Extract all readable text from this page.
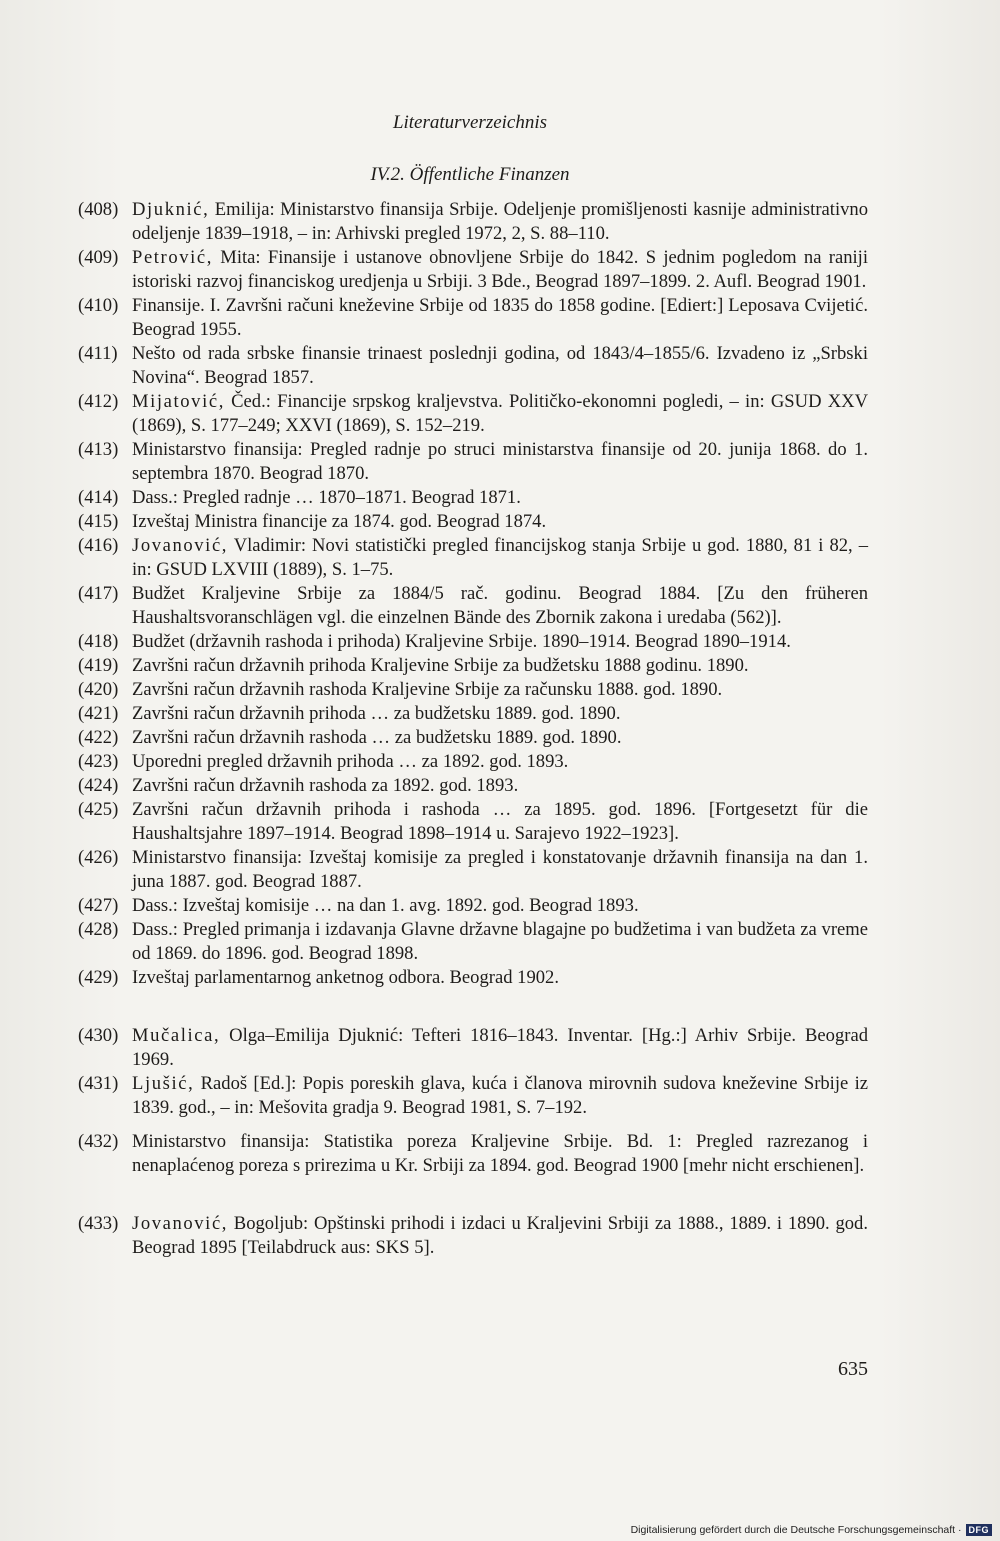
Literaturverzeichnis
IV.2. Öffentliche Finanzen
(408) Djuknić, Emilija: Ministarstvo finansija Srbije. Odeljenje promišljenosti kasnije administrativno odeljenje 1839–1918, – in: Arhivski pregled 1972, 2, S. 88–110.
(409) Petrović, Mita: Finansije i ustanove obnovljene Srbije do 1842. S jednim pogledom na raniji istoriski razvoj financiskog uredjenja u Srbiji. 3 Bde., Beograd 1897–1899. 2. Aufl. Beograd 1901.
(410) Finansije. I. Završni računi kneževine Srbije od 1835 do 1858 godine. [Ediert:] Leposava Cvijetić. Beograd 1955.
(411) Nešto od rada srbske finansie trinaest poslednji godina, od 1843/4–1855/6. Izvadeno iz „Srbski Novina“. Beograd 1857.
(412) Mijatović, Čed.: Financije srpskog kraljevstva. Političko-ekonomni pogledi, – in: GSUD XXV (1869), S. 177–249; XXVI (1869), S. 152–219.
(413) Ministarstvo finansija: Pregled radnje po struci ministarstva finansije od 20. junija 1868. do 1. septembra 1870. Beograd 1870.
(414) Dass.: Pregled radnje … 1870–1871. Beograd 1871.
(415) Izveštaj Ministra financije za 1874. god. Beograd 1874.
(416) Jovanović, Vladimir: Novi statistički pregled financijskog stanja Srbije u god. 1880, 81 i 82, – in: GSUD LXVIII (1889), S. 1–75.
(417) Budžet Kraljevine Srbije za 1884/5 rač. godinu. Beograd 1884. [Zu den früheren Haushaltsvoranschlägen vgl. die einzelnen Bände des Zbornik zakona i uredaba (562)].
(418) Budžet (državnih rashoda i prihoda) Kraljevine Srbije. 1890–1914. Beograd 1890–1914.
(419) Završni račun državnih prihoda Kraljevine Srbije za budžetsku 1888 godinu. 1890.
(420) Završni račun državnih rashoda Kraljevine Srbije za računsku 1888. god. 1890.
(421) Završni račun državnih prihoda … za budžetsku 1889. god. 1890.
(422) Završni račun državnih rashoda … za budžetsku 1889. god. 1890.
(423) Uporedni pregled državnih prihoda … za 1892. god. 1893.
(424) Završni račun državnih rashoda za 1892. god. 1893.
(425) Završni račun državnih prihoda i rashoda … za 1895. god. 1896. [Fortgesetzt für die Haushaltsjahre 1897–1914. Beograd 1898–1914 u. Sarajevo 1922–1923].
(426) Ministarstvo finansija: Izveštaj komisije za pregled i konstatovanje državnih finansija na dan 1. juna 1887. god. Beograd 1887.
(427) Dass.: Izveštaj komisije … na dan 1. avg. 1892. god. Beograd 1893.
(428) Dass.: Pregled primanja i izdavanja Glavne državne blagajne po budžetima i van budžeta za vreme od 1869. do 1896. god. Beograd 1898.
(429) Izveštaj parlamentarnog anketnog odbora. Beograd 1902.
(430) Mučalica, Olga–Emilija Djuknić: Tefteri 1816–1843. Inventar. [Hg.:] Arhiv Srbije. Beograd 1969.
(431) Ljušić, Radoš [Ed.]: Popis poreskih glava, kuća i članova mirovnih sudova kneževine Srbije iz 1839. god., – in: Mešovita gradja 9. Beograd 1981, S. 7–192.
(432) Ministarstvo finansija: Statistika poreza Kraljevine Srbije. Bd. 1: Pregled razrezanog i nenaplaćenog poreza s prirezima u Kr. Srbiji za 1894. god. Beograd 1900 [mehr nicht erschienen].
(433) Jovanović, Bogoljub: Opštinski prihodi i izdaci u Kraljevini Srbiji za 1888., 1889. i 1890. god. Beograd 1895 [Teilabdruck aus: SKS 5].
635
Digitalisierung gefördert durch die Deutsche Forschungsgemeinschaft · DFG
